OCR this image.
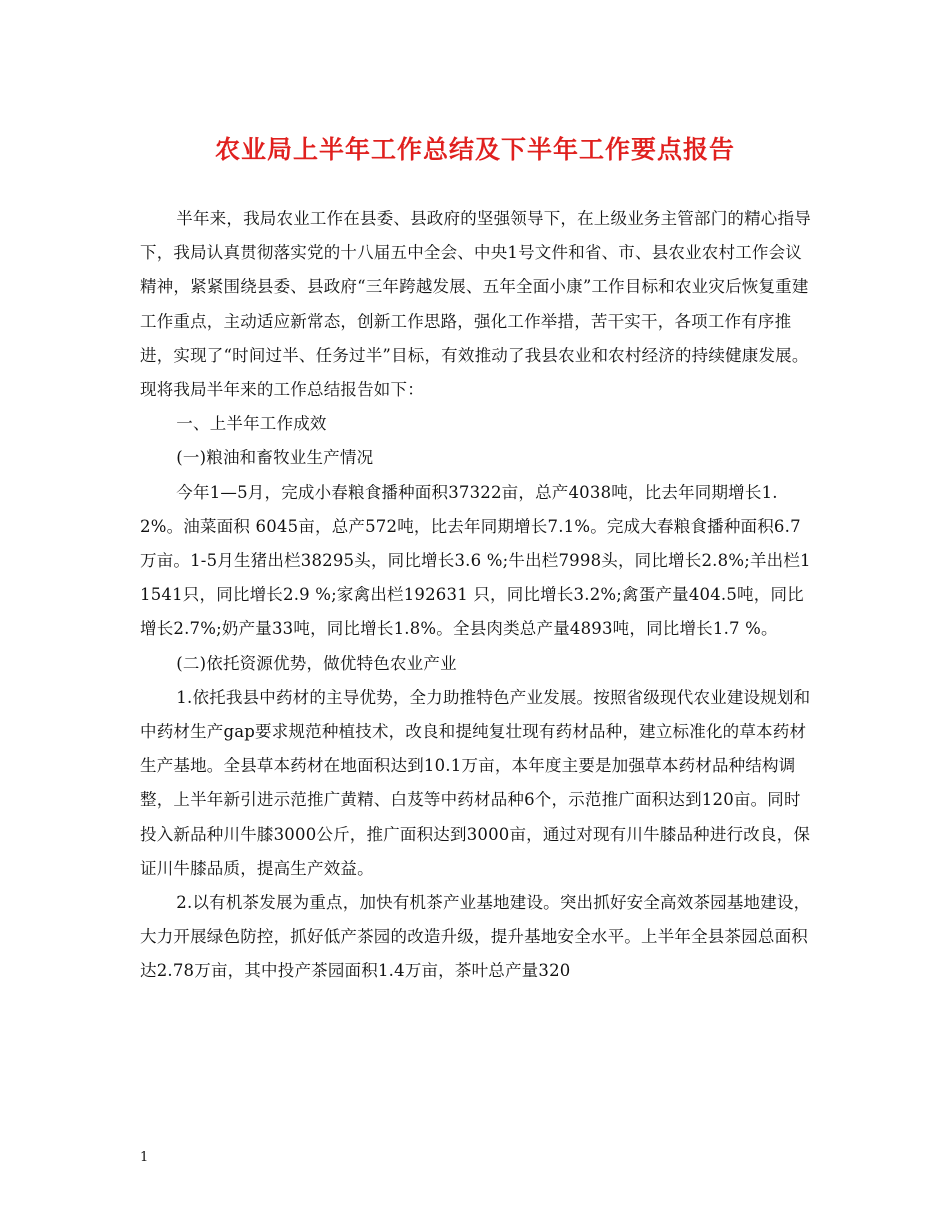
农业局上半年工作总结及下半年工作要点报告

半年来，我局农业工作在县委、县政府的坚强领导下，在上级业务主管部门的精心指导下，我局认真贯彻落实党的十八届五中全会、中央1号文件和省、市、县农业农村工作会议精神，紧紧围绕县委、县政府“三年跨越发展、五年全面小康”工作目标和农业灾后恢复重建工作重点，主动适应新常态，创新工作思路，强化工作举措，苦干实干，各项工作有序推进，实现了“时间过半、任务过半”目标，有效推动了我县农业和农村经济的持续健康发展。现将我局半年来的工作总结报告如下：

一、上半年工作成效

(一)粮油和畜牧业生产情况

今年1—5月，完成小春粮食播种面积37322亩，总产4038吨，比去年同期增长1.2%。油菜面积 6045亩，总产572吨，比去年同期增长7.1%。完成大春粮食播种面积6.7万亩。1-5月生猪出栏38295头，同比增长3.6 %;牛出栏7998头，同比增长2.8%;羊出栏11541只，同比增长2.9 %;家禽出栏192631 只，同比增长3.2%;禽蛋产量404.5吨，同比增长2.7%;奶产量33吨，同比增长1.8%。全县肉类总产量4893吨，同比增长1.7 %。

(二)依托资源优势，做优特色农业产业

1.依托我县中药材的主导优势，全力助推特色产业发展。按照省级现代农业建设规划和中药材生产gap要求规范种植技术，改良和提纯复壮现有药材品种，建立标准化的草本药材生产基地。全县草本药材在地面积达到10.1万亩，本年度主要是加强草本药材品种结构调整，上半年新引进示范推广黄精、白芨等中药材品种6个，示范推广面积达到120亩。同时投入新品种川牛膝3000公斤，推广面积达到3000亩，通过对现有川牛膝品种进行改良，保证川牛膝品质，提高生产效益。

2.以有机茶发展为重点，加快有机茶产业基地建设。突出抓好安全高效茶园基地建设，大力开展绿色防控，抓好低产茶园的改造升级，提升基地安全水平。上半年全县茶园总面积达2.78万亩，其中投产茶园面积1.4万亩，茶叶总产量320

1
